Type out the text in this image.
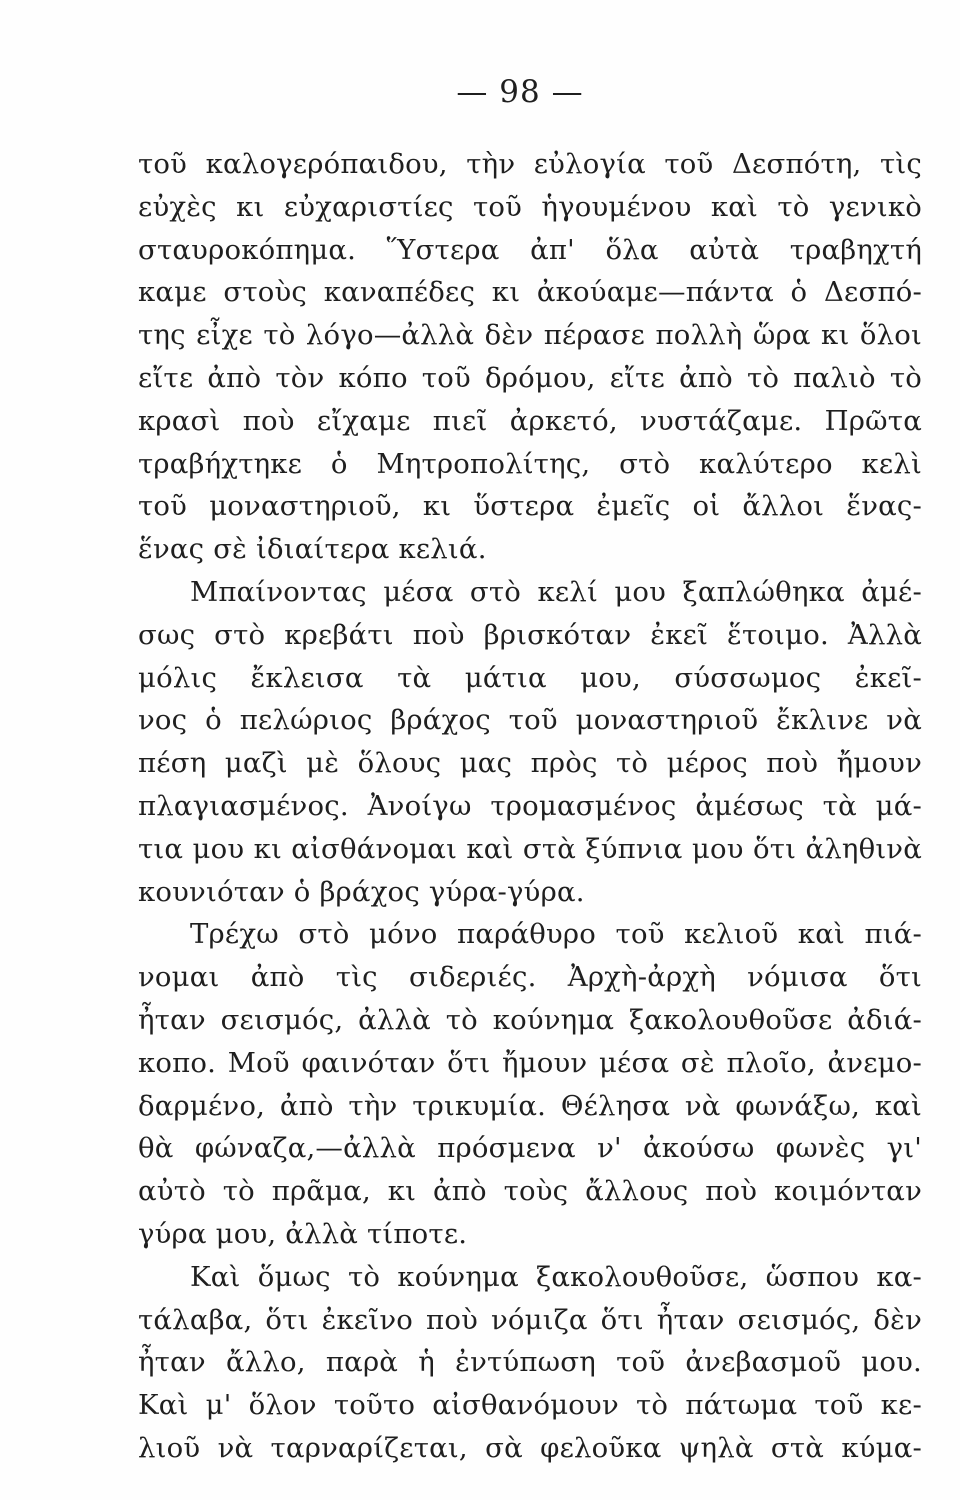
— 98 —
τοῦ καλογερόπαιδου, τὴν εὐλογία τοῦ Δεσπότη, τὶς
εὐχὲς κι εὐχαριστίες τοῦ ἡγουμένου καὶ τὸ γενικὸ
σταυροκόπημα. Ὕστερα ἀπ' ὅλα αὐτὰ τραβηχτή
καμε στοὺς καναπέδες κι ἀκούαμε—πάντα ὁ Δεσπό-
της εἶχε τὸ λόγο—ἀλλὰ δὲν πέρασε πολλὴ ὥρα κι ὅλοι
εἴτε ἀπὸ τὸν κόπο τοῦ δρόμου, εἴτε ἀπὸ τὸ παλιὸ τὸ
κρασὶ ποὺ εἴχαμε πιεῖ ἀρκετό, νυστάζαμε. Πρῶτα
τραβήχτηκε ὁ Μητροπολίτης, στὸ καλύτερο κελὶ
τοῦ μοναστηριοῦ, κι ὕστερα ἐμεῖς οἱ ἄλλοι ἕνας-
ἕνας σὲ ἰδιαίτερα κελιά.
Μπαίνοντας μέσα στὸ κελί μου ξαπλώθηκα ἀμέ-
σως στὸ κρεβάτι ποὺ βρισκόταν ἐκεῖ ἕτοιμο. Ἀλλὰ
μόλις ἔκλεισα τὰ μάτια μου, σύσσωμος ἐκεῖ-
νος ὁ πελώριος βράχος τοῦ μοναστηριοῦ ἔκλινε νὰ
πέση μαζὶ μὲ ὅλους μας πρὸς τὸ μέρος ποὺ ἤμουν
πλαγιασμένος. Ἀνοίγω τρομασμένος ἀμέσως τὰ μά-
τια μου κι αἰσθάνομαι καὶ στὰ ξύπνια μου ὅτι ἀληθινὰ
κουνιόταν ὁ βράχος γύρα-γύρα.
Τρέχω στὸ μόνο παράθυρο τοῦ κελιοῦ καὶ πιά-
νομαι ἀπὸ τὶς σιδεριές. Ἀρχὴ-ἀρχὴ νόμισα ὅτι
ἦταν σεισμός, ἀλλὰ τὸ κούνημα ξακολουθοῦσε ἀδιά-
κοπο. Μοῦ φαινόταν ὅτι ἤμουν μέσα σὲ πλοῖο, ἀνεμο-
δαρμένο, ἀπὸ τὴν τρικυμία. Θέλησα νὰ φωνάξω, καὶ
θὰ φώναζα,—ἀλλὰ πρόσμενα ν' ἀκούσω φωνὲς γι'
αὐτὸ τὸ πρᾶμα, κι ἀπὸ τοὺς ἄλλους ποὺ κοιμόνταν
γύρα μου, ἀλλὰ τίποτε.
Καὶ ὅμως τὸ κούνημα ξακολουθοῦσε, ὥσπου κα-
τάλαβα, ὅτι ἐκεῖνο ποὺ νόμιζα ὅτι ἦταν σεισμός, δὲν
ἦταν ἄλλο, παρὰ ἡ ἐντύπωση τοῦ ἀνεβασμοῦ μου.
Καὶ μ' ὅλον τοῦτο αἰσθανόμουν τὸ πάτωμα τοῦ κε-
λιοῦ νὰ ταρναρίζεται, σὰ φελοῦκα ψηλὰ στὰ κύμα-
